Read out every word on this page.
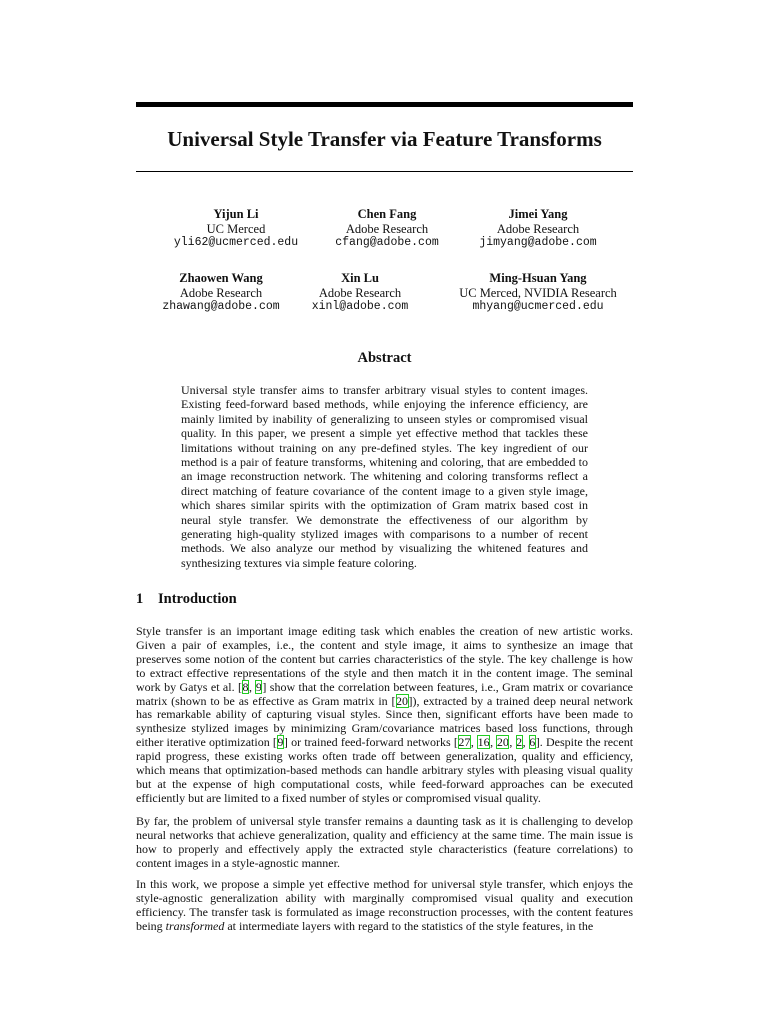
Universal Style Transfer via Feature Transforms
Yijun Li
UC Merced
yli62@ucmerced.edu
Chen Fang
Adobe Research
cfang@adobe.com
Jimei Yang
Adobe Research
jimyang@adobe.com
Zhaowen Wang
Adobe Research
zhawang@adobe.com
Xin Lu
Adobe Research
xinl@adobe.com
Ming-Hsuan Yang
UC Merced, NVIDIA Research
mhyang@ucmerced.edu
Abstract
Universal style transfer aims to transfer arbitrary visual styles to content images. Existing feed-forward based methods, while enjoying the inference efficiency, are mainly limited by inability of generalizing to unseen styles or compromised visual quality. In this paper, we present a simple yet effective method that tackles these limitations without training on any pre-defined styles. The key ingredient of our method is a pair of feature transforms, whitening and coloring, that are embedded to an image reconstruction network. The whitening and coloring transforms reflect a direct matching of feature covariance of the content image to a given style image, which shares similar spirits with the optimization of Gram matrix based cost in neural style transfer. We demonstrate the effectiveness of our algorithm by generating high-quality stylized images with comparisons to a number of recent methods. We also analyze our method by visualizing the whitened features and synthesizing textures via simple feature coloring.
1 Introduction

Style transfer is an important image editing task which enables the creation of new artistic works. Given a pair of examples, i.e., the content and style image, it aims to synthesize an image that preserves some notion of the content but carries characteristics of the style. The key challenge is how to extract effective representations of the style and then match it in the content image. The seminal work by Gatys et al. [8, 9] show that the correlation between features, i.e., Gram matrix or covariance matrix (shown to be as effective as Gram matrix in [20]), extracted by a trained deep neural network has remarkable ability of capturing visual styles. Since then, significant efforts have been made to synthesize stylized images by minimizing Gram/covariance matrices based loss functions, through either iterative optimization [9] or trained feed-forward networks [27, 16, 20, 2, 6]. Despite the recent rapid progress, these existing works often trade off between generalization, quality and efficiency, which means that optimization-based methods can handle arbitrary styles with pleasing visual quality but at the expense of high computational costs, while feed-forward approaches can be executed efficiently but are limited to a fixed number of styles or compromised visual quality.

By far, the problem of universal style transfer remains a daunting task as it is challenging to develop neural networks that achieve generalization, quality and efficiency at the same time. The main issue is how to properly and effectively apply the extracted style characteristics (feature correlations) to content images in a style-agnostic manner.

In this work, we propose a simple yet effective method for universal style transfer, which enjoys the style-agnostic generalization ability with marginally compromised visual quality and execution efficiency. The transfer task is formulated as image reconstruction processes, with the content features being transformed at intermediate layers with regard to the statistics of the style features, in the
